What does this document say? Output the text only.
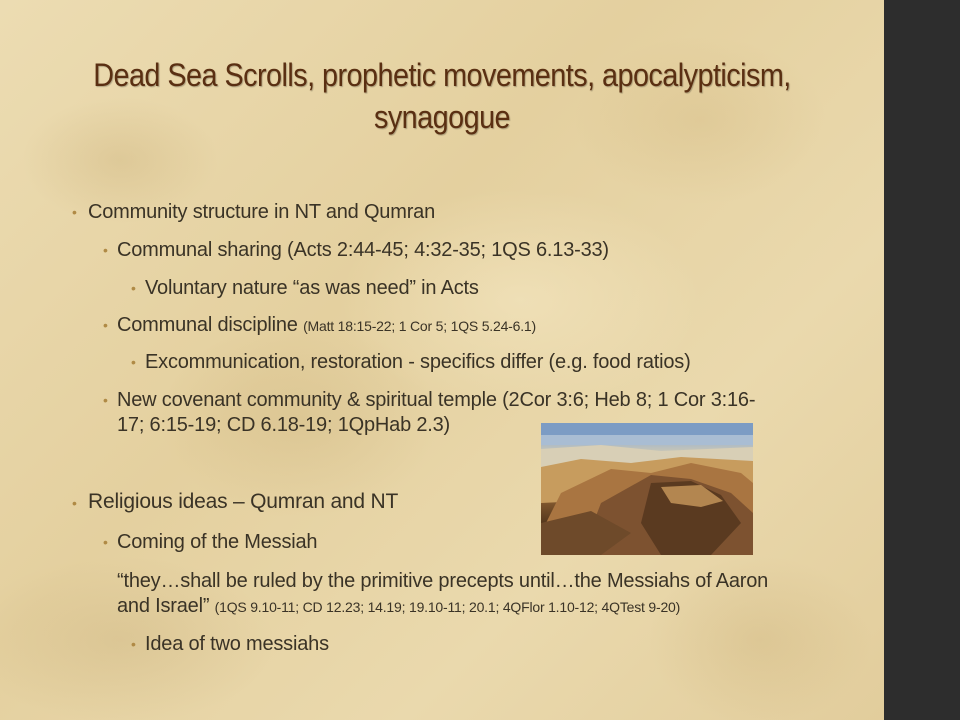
Dead Sea Scrolls, prophetic movements, apocalypticism, synagogue
• Community structure in NT and Qumran
• Communal sharing (Acts 2:44-45; 4:32-35; 1QS 6.13-33)
• Voluntary nature “as was need” in Acts
• Communal discipline (Matt 18:15-22; 1 Cor 5; 1QS 5.24-6.1)
• Excommunication, restoration - specifics differ (e.g. food ratios)
• New covenant community & spiritual temple (2Cor 3:6; Heb 8; 1 Cor 3:16-
17; 6:15-19; CD 6.18-19; 1QpHab 2.3)
• Religious ideas – Qumran and NT
• Coming of the Messiah
“they…shall be ruled by the primitive precepts until…the Messiahs of Aaron
and Israel” (1QS 9.10-11; CD 12.23; 14.19; 19.10-11; 20.1; 4QFlor 1.10-12; 4QTest 9-20)
• Idea of two messiahs
